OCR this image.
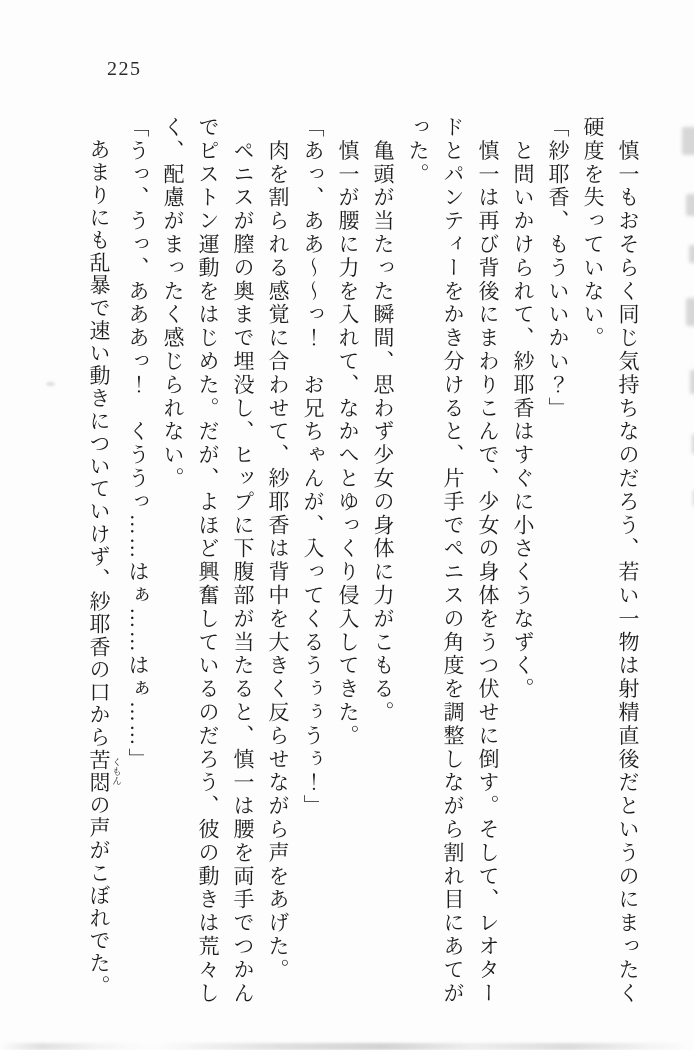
225

　慎一もおそらく同じ気持ちなのだろう、若い一物は射精直後だというのにまったく

硬度を失っていない。

「紗耶香、もういいかい？」

　と問いかけられて、紗耶香はすぐに小さくうなずく。

　慎一は再び背後にまわりこんで、少女の身体をうつ伏せに倒す。そして、レオター

ドとパンティーをかき分けると、片手でペニスの角度を調整しながら割れ目にあてが

った。

　亀頭が当たった瞬間、思わず少女の身体に力がこもる。

　慎一が腰に力を入れて、なかへとゆっくり侵入してきた。

「あっ、ああ～～っ！　お兄ちゃんが、入ってくるうぅぅうぅ！」

　肉を割られる感覚に合わせて、紗耶香は背中を大きく反らせながら声をあげた。

　ペニスが膣の奥まで埋没し、ヒップに下腹部が当たると、慎一は腰を両手でつかん

でピストン運動をはじめた。だが、よほど興奮しているのだろう、彼の動きは荒々し

く、配慮がまったく感じられない。

「うっ、うっ、あああっ！　くううっ……はぁ……はぁ……」

　あまりにも乱暴で速い動きについていけず、紗耶香の口から苦悶 くもんの声がこぼれでた。
